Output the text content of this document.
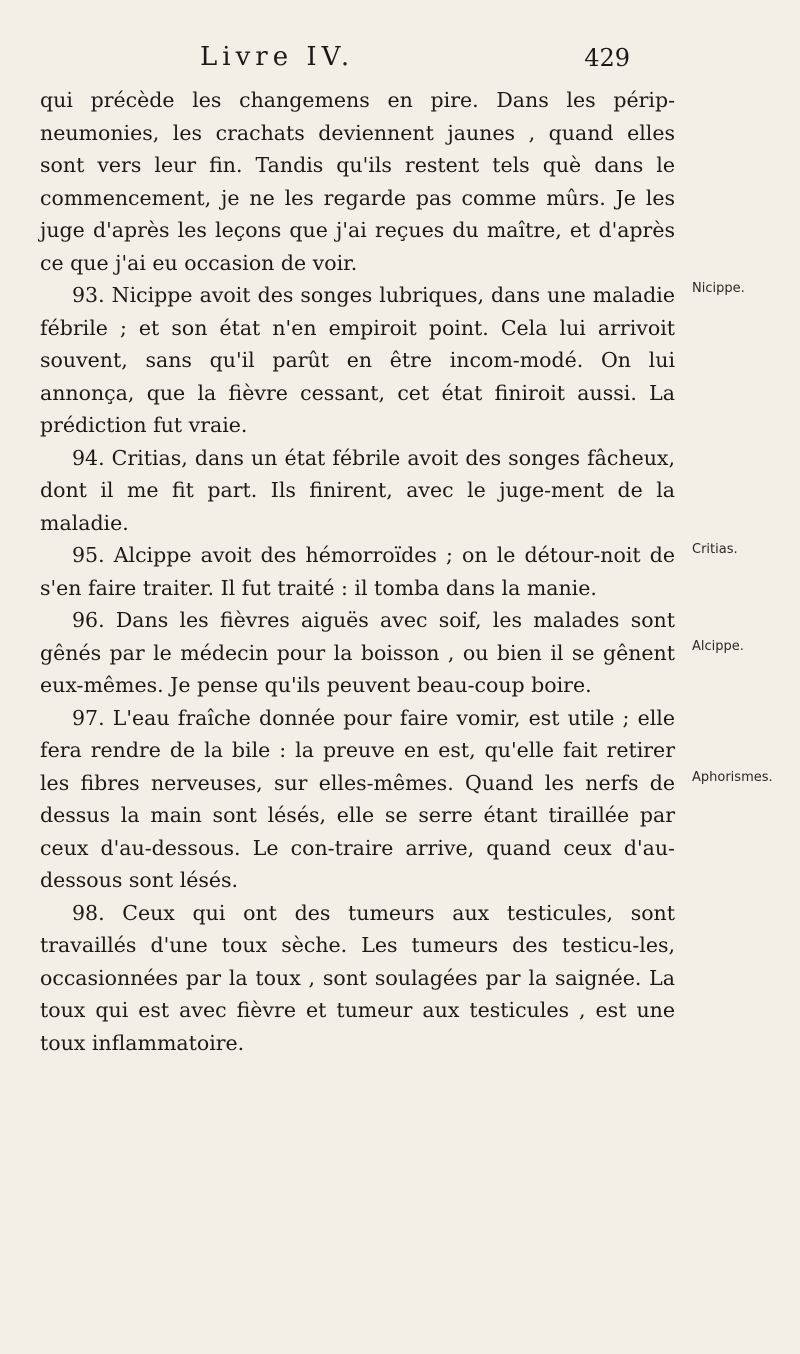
Livre IV.	429

qui précède les changemens en pire. Dans les périp-neumonies, les crachats deviennent jaunes , quand elles sont vers leur fin. Tandis qu'ils restent tels què dans le commencement, je ne les regarde pas comme mûrs. Je les juge d'après les leçons que j'ai reçues du maître, et d'après ce que j'ai eu occasion de voir.

93. Nicippe avoit des songes lubriques, dans une maladie fébrile ; et son état n'en empiroit point. Cela lui arrivoit souvent, sans qu'il parût en être incom-modé. On lui annonça, que la fièvre cessant, cet état finiroit aussi. La prédiction fut vraie.

94. Critias, dans un état fébrile avoit des songes fâcheux, dont il me fit part. Ils finirent, avec le juge-ment de la maladie.

95. Alcippe avoit des hémorroïdes ; on le détour-noit de s'en faire traiter. Il fut traité : il tomba dans la manie.

96. Dans les fièvres aiguës avec soif, les malades sont gênés par le médecin pour la boisson , ou bien il se gênent eux-mêmes. Je pense qu'ils peuvent beau-coup boire.

97. L'eau fraîche donnée pour faire vomir, est utile ; elle fera rendre de la bile : la preuve en est, qu'elle fait retirer les fibres nerveuses, sur elles-mêmes. Quand les nerfs de dessus la main sont lésés, elle se serre étant tiraillée par ceux d'au-dessous. Le con-traire arrive, quand ceux d'au-dessous sont lésés.

98. Ceux qui ont des tumeurs aux testicules, sont travaillés d'une toux sèche. Les tumeurs des testicu-les, occasionnées par la toux , sont soulagées par la saignée. La toux qui est avec fièvre et tumeur aux testicules , est une toux inflammatoire.

Nicippe.
Critias.
Alcippe.
Aphorismes.
